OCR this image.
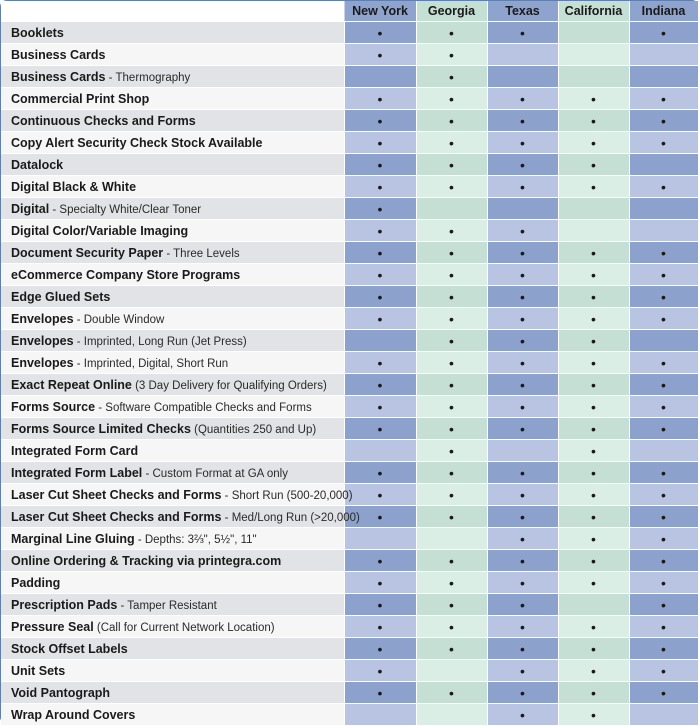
	New York	Georgia	Texas	California	Indiana
Booklets	•	•	•		•
Business Cards	•	•			
Business Cards - Thermography		•			
Commercial Print Shop	•	•	•	•	•
Continuous Checks and Forms	•	•	•	•	•
Copy Alert Security Check Stock Available	•	•	•	•	•
Datalock	•	•	•	•	
Digital Black & White	•	•	•	•	•
Digital - Specialty White/Clear Toner	•				
Digital Color/Variable Imaging	•	•	•		
Document Security Paper - Three Levels	•	•	•	•	•
eCommerce Company Store Programs	•	•	•	•	•
Edge Glued Sets	•	•	•	•	•
Envelopes - Double Window	•	•	•	•	•
Envelopes - Imprinted, Long Run (Jet Press)		•	•	•	
Envelopes - Imprinted, Digital, Short Run	•	•	•	•	•
Exact Repeat Online (3 Day Delivery for Qualifying Orders)	•	•	•	•	•
Forms Source - Software Compatible Checks and Forms	•	•	•	•	•
Forms Source Limited Checks (Quantities 250 and Up)	•	•	•	•	•
Integrated Form Card		•		•	
Integrated Form Label - Custom Format at GA only	•	•	•	•	•
Laser Cut Sheet Checks and Forms - Short Run (500-20,000)	•	•	•	•	•
Laser Cut Sheet Checks and Forms - Med/Long Run (>20,000)	•	•	•	•	•
Marginal Line Gluing - Depths: 3⅔", 5½", 11"			•	•	•
Online Ordering & Tracking via printegra.com	•	•	•	•	•
Padding	•	•	•	•	•
Prescription Pads - Tamper Resistant	•	•	•		•
Pressure Seal (Call for Current Network Location)	•	•	•	•	•
Stock Offset Labels	•	•	•	•	•
Unit Sets	•		•	•	•
Void Pantograph	•	•	•	•	•
Wrap Around Covers			•	•	
